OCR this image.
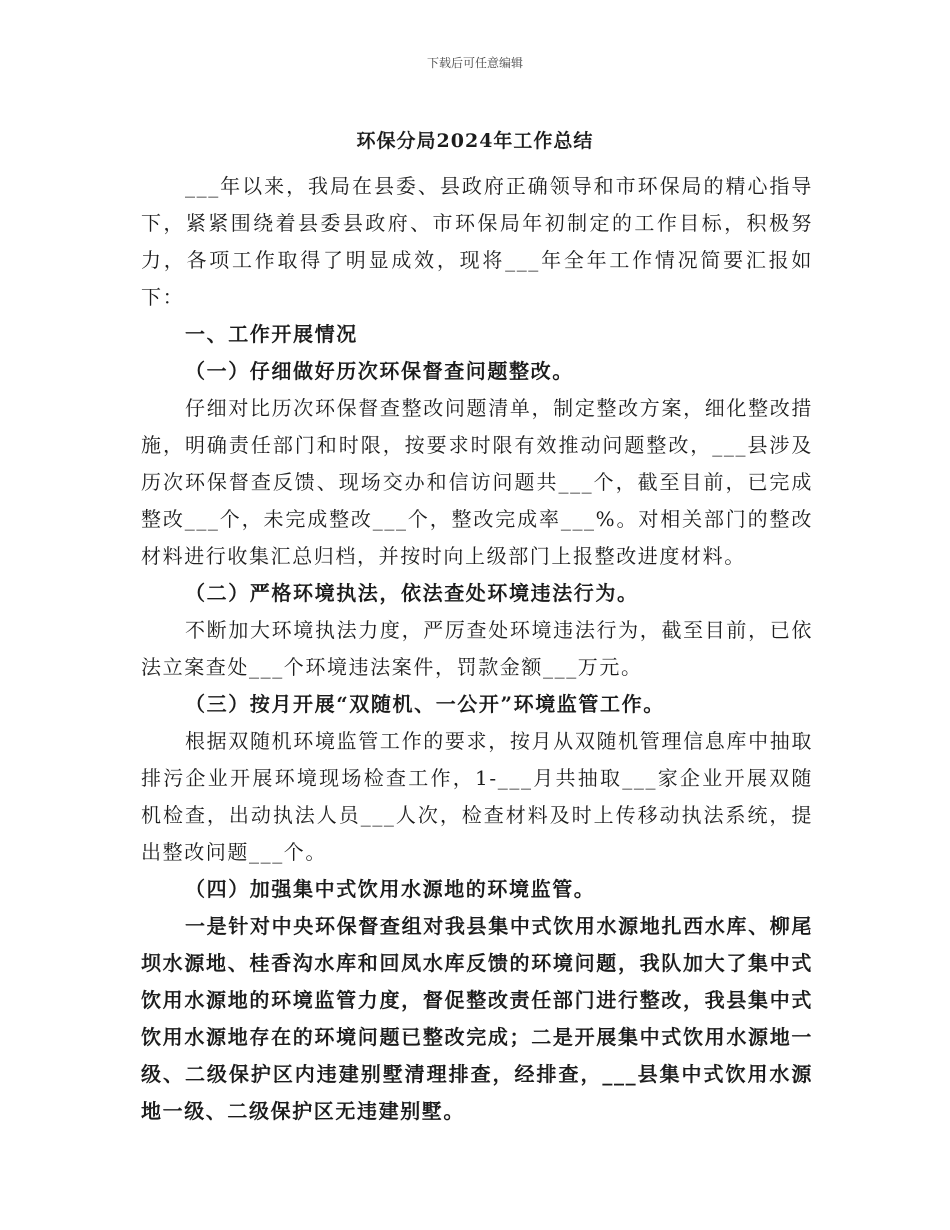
下载后可任意编辑
环保分局2024年工作总结

___年以来，我局在县委、县政府正确领导和市环保局的精心指导下，紧紧围绕着县委县政府、市环保局年初制定的工作目标，积极努力，各项工作取得了明显成效，现将___年全年工作情况简要汇报如下：

一、工作开展情况

（一）仔细做好历次环保督查问题整改。

仔细对比历次环保督查整改问题清单，制定整改方案，细化整改措施，明确责任部门和时限，按要求时限有效推动问题整改，___县涉及历次环保督查反馈、现场交办和信访问题共___个，截至目前，已完成整改___个，未完成整改___个，整改完成率___%。对相关部门的整改材料进行收集汇总归档，并按时向上级部门上报整改进度材料。

（二）严格环境执法，依法查处环境违法行为。

不断加大环境执法力度，严厉查处环境违法行为，截至目前，已依法立案查处___个环境违法案件，罚款金额___万元。

（三）按月开展“双随机、一公开”环境监管工作。

根据双随机环境监管工作的要求，按月从双随机管理信息库中抽取排污企业开展环境现场检查工作，1-___月共抽取___家企业开展双随机检查，出动执法人员___人次，检查材料及时上传移动执法系统，提出整改问题___个。

（四）加强集中式饮用水源地的环境监管。

一是针对中央环保督查组对我县集中式饮用水源地扎西水库、柳尾坝水源地、桂香沟水库和回凤水库反馈的环境问题，我队加大了集中式饮用水源地的环境监管力度，督促整改责任部门进行整改，我县集中式饮用水源地存在的环境问题已整改完成；二是开展集中式饮用水源地一级、二级保护区内违建别墅清理排查，经排查，___县集中式饮用水源地一级、二级保护区无违建别墅。
